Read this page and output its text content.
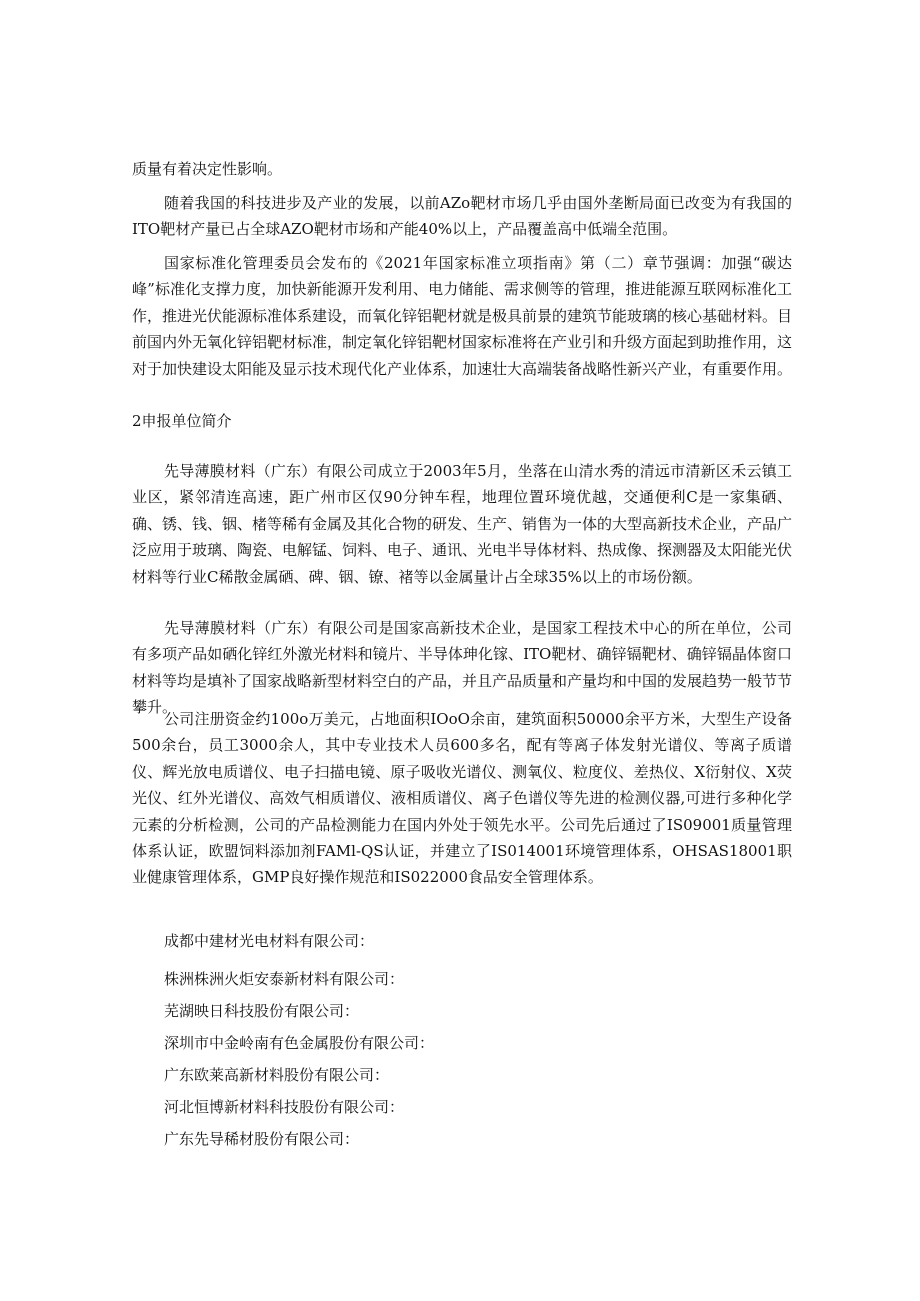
质量有着决定性影响。

随着我国的科技进步及产业的发展，以前AZo靶材市场几乎由国外垄断局面已改变为有我国的ITO靶材产量已占全球AZO靶材市场和产能40%以上，产品覆盖高中低端全范围。

国家标准化管理委员会发布的《2021年国家标准立项指南》第（二）章节强调：加强“碳达峰”标准化支撑力度，加快新能源开发利用、电力储能、需求侧等的管理，推进能源互联网标准化工作，推进光伏能源标准体系建设，而氧化锌铝靶材就是极具前景的建筑节能玻璃的核心基础材料。目前国内外无氧化锌铝靶材标准，制定氧化锌铝靶材国家标准将在产业引和升级方面起到助推作用，这对于加快建设太阳能及显示技术现代化产业体系，加速壮大高端装备战略性新兴产业，有重要作用。

2申报单位简介

先导薄膜材料（广东）有限公司成立于2003年5月，坐落在山清水秀的清远市清新区禾云镇工业区，紧邻清连高速，距广州市区仅90分钟车程，地理位置环境优越，交通便利C是一家集硒、确、锈、钱、铟、楮等稀有金属及其化合物的研发、生产、销售为一体的大型高新技术企业，产品广泛应用于玻璃、陶瓷、电解锰、饲料、电子、通讯、光电半导体材料、热成像、探测器及太阳能光伏材料等行业C稀散金属硒、碑、铟、镣、褚等以金属量计占全球35%以上的市场份额。

先导薄膜材料（广东）有限公司是国家高新技术企业，是国家工程技术中心的所在单位，公司有多项产品如硒化锌红外激光材料和镜片、半导体珅化镓、ITO靶材、确锌镉靶材、确锌镉晶体窗口材料等均是填补了国家战略新型材料空白的产品，并且产品质量和产量均和中国的发展趋势一般节节攀升。

公司注册资金约100o万美元，占地面积IOoO余亩，建筑面积50000余平方米，大型生产设备500余台，员工3000余人，其中专业技术人员600多名，配有等离子体发射光谱仪、等离子质谱仪、辉光放电质谱仪、电子扫描电镜、原子吸收光谱仪、测氧仪、粒度仪、差热仪、X衍射仪、X荧光仪、红外光谱仪、高效气相质谱仪、液相质谱仪、离子色谱仪等先进的检测仪器,可进行多种化学元素的分析检测，公司的产品检测能力在国内外处于领先水平。公司先后通过了IS09001质量管理体系认证，欧盟饲料添加剂FAMl-QS认证，并建立了IS014001环境管理体系，OHSAS18001职业健康管理体系，GMP良好操作规范和IS022000食品安全管理体系。

成都中建材光电材料有限公司：
株洲株洲火炬安泰新材料有限公司：
芜湖映日科技股份有限公司：
深圳市中金岭南有色金属股份有限公司：
广东欧莱高新材料股份有限公司：
河北恒博新材料科技股份有限公司：
广东先导稀材股份有限公司：
